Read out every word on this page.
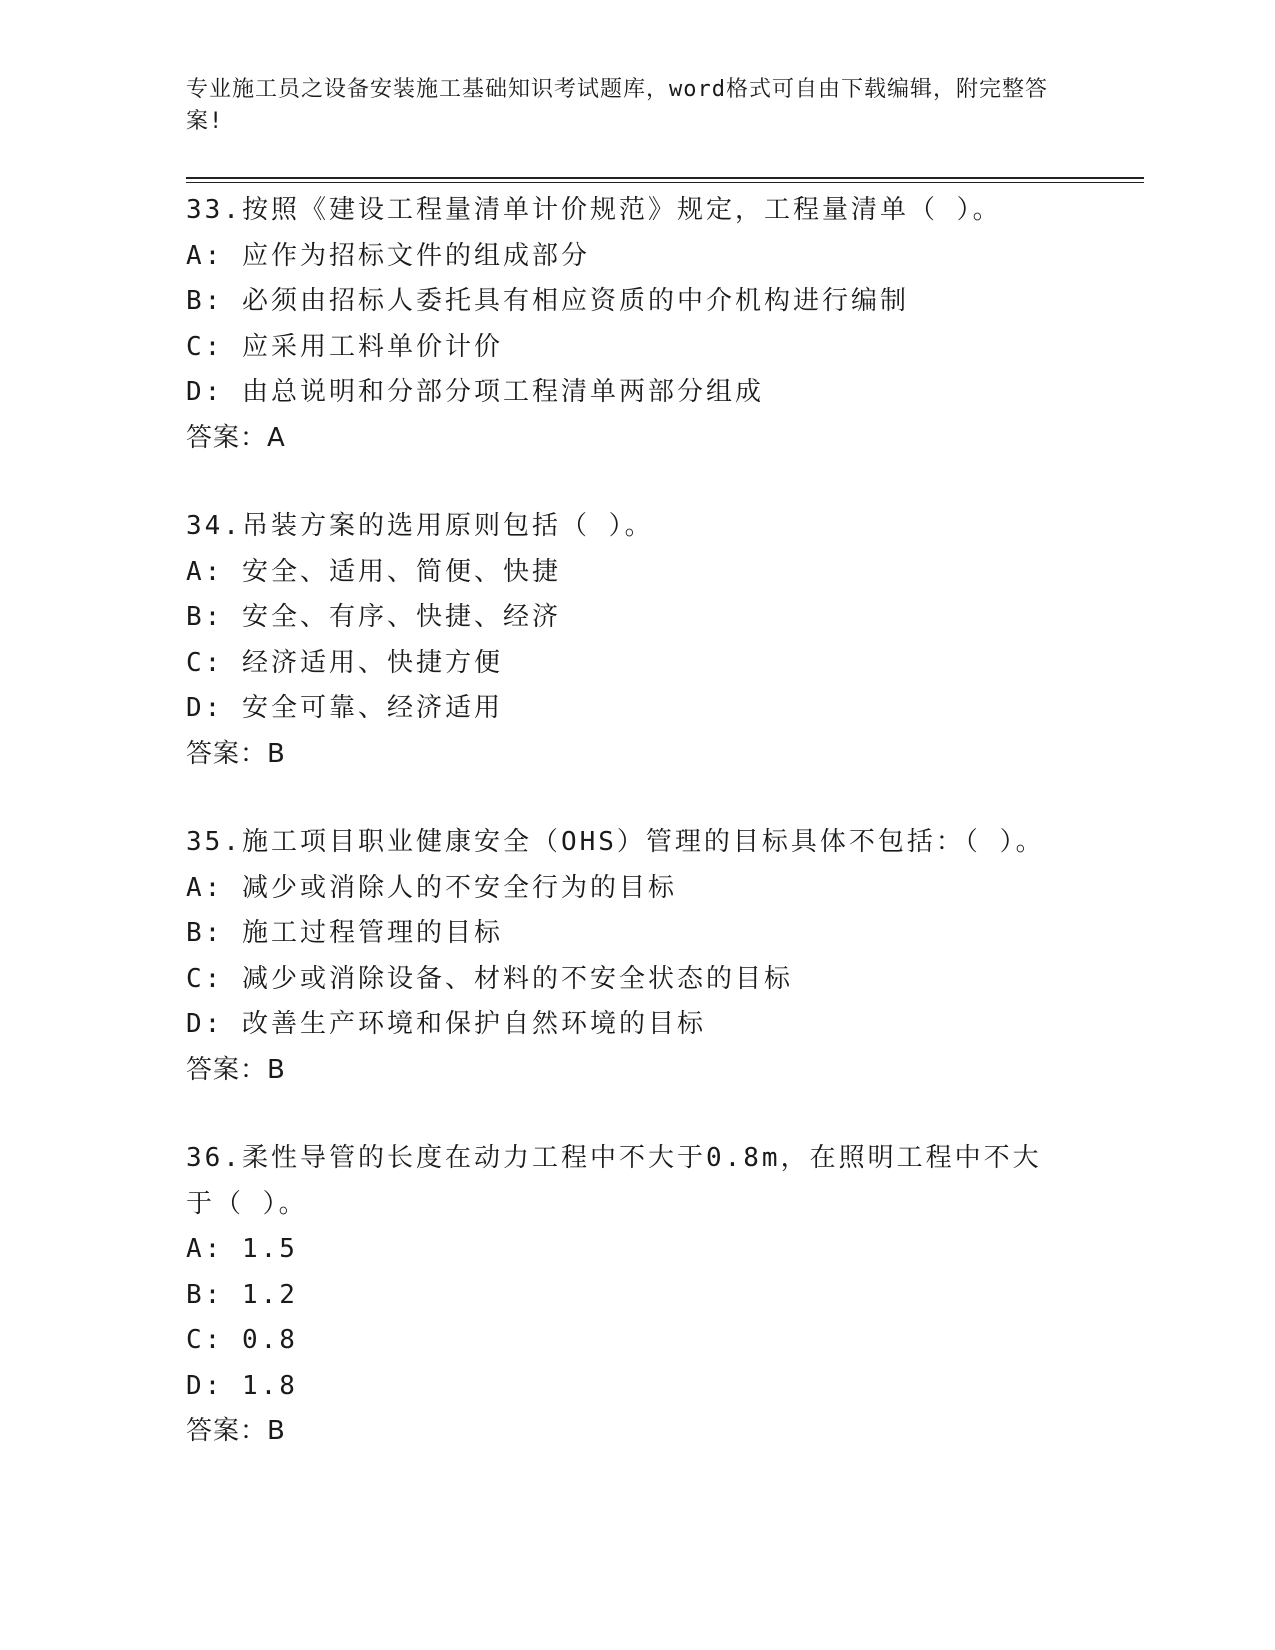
专业施工员之设备安装施工基础知识考试题库，word格式可自由下载编辑，附完整答案!
33.按照《建设工程量清单计价规范》规定，工程量清单（ ）。
A: 应作为招标文件的组成部分
B: 必须由招标人委托具有相应资质的中介机构进行编制
C: 应采用工料单价计价
D: 由总说明和分部分项工程清单两部分组成
答案：A
34.吊装方案的选用原则包括（ ）。
A: 安全、适用、简便、快捷
B: 安全、有序、快捷、经济
C: 经济适用、快捷方便
D: 安全可靠、经济适用
答案：B
35.施工项目职业健康安全（OHS）管理的目标具体不包括：（ ）。
A: 减少或消除人的不安全行为的目标
B: 施工过程管理的目标
C: 减少或消除设备、材料的不安全状态的目标
D: 改善生产环境和保护自然环境的目标
答案：B
36.柔性导管的长度在动力工程中不大于0.8m，在照明工程中不大于（ ）。
A: 1.5
B: 1.2
C: 0.8
D: 1.8
答案：B
